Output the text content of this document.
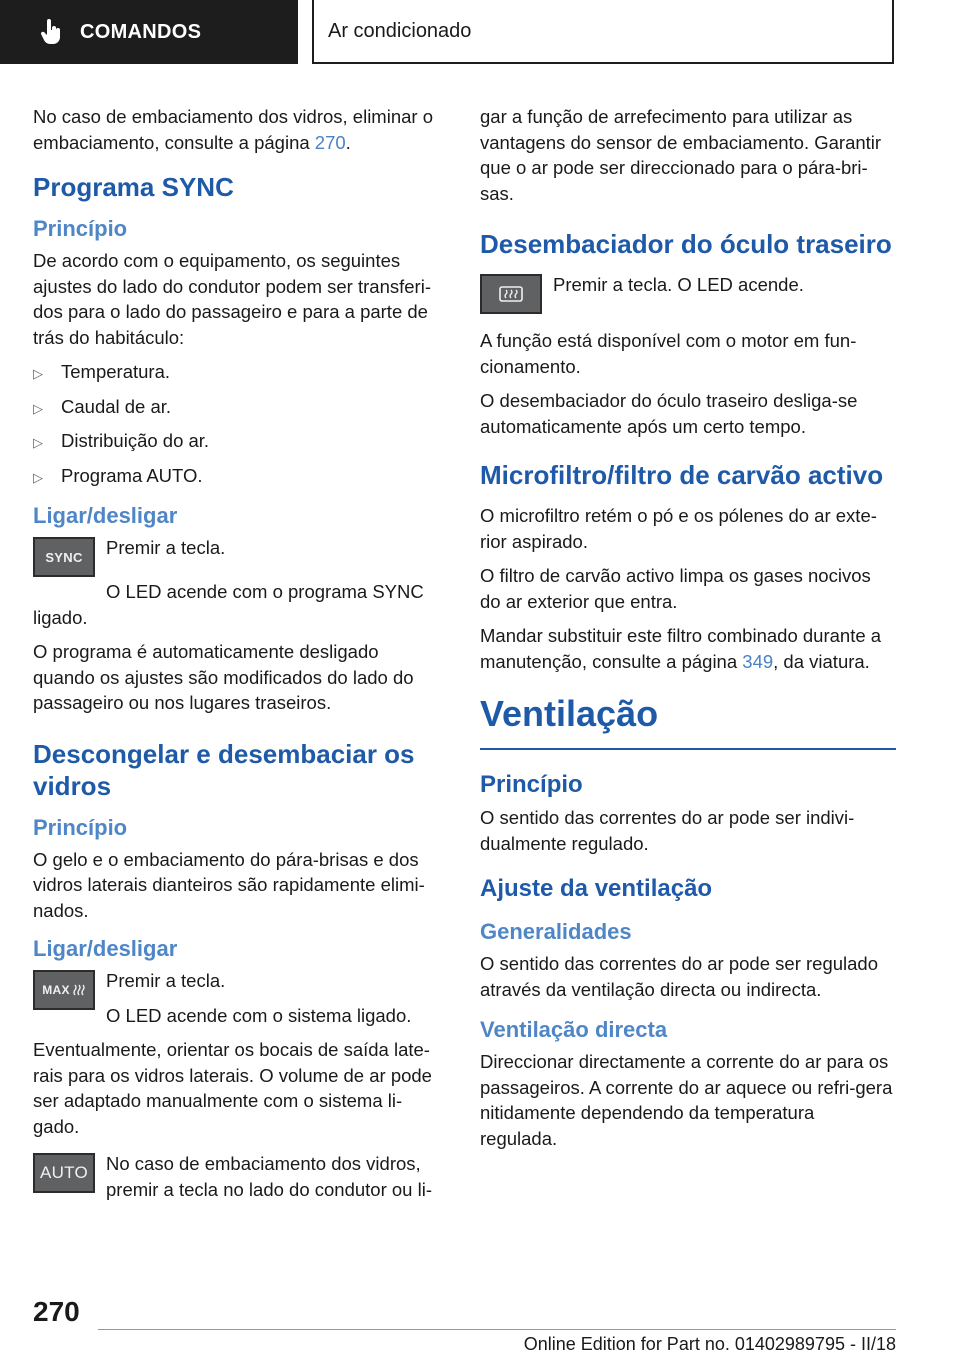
COMANDOS	Ar condicionado

No caso de embaciamento dos vidros, eliminar o embaciamento, consulte a página 270.

Programa SYNC
Princípio

De acordo com o equipamento, os seguintes ajustes do lado do condutor podem ser transferi-dos para o lado do passageiro e para a parte de trás do habitáculo:

▷ Temperatura.
▷ Caudal de ar.
▷ Distribuição do ar.
▷ Programa AUTO.
Ligar/desligar
SYNC	Premir a tecla.

O LED acende com o programa SYNC ligado.

O programa é automaticamente desligado quando os ajustes são modificados do lado do passageiro ou nos lugares traseiros.

Descongelar e desembaciar os vidros
Princípio

O gelo e o embaciamento do pára-brisas e dos vidros laterais dianteiros são rapidamente elimi-nados.

Ligar/desligar
MAX Premir a tecla.

O LED acende com o sistema ligado.

Eventualmente, orientar os bocais de saída late-rais para os vidros laterais. O volume de ar pode ser adaptado manualmente com o sistema li-gado.

AUTO No caso de embaciamento dos vidros, premir a tecla no lado do condutor ou li-

gar a função de arrefecimento para utilizar as vantagens do sensor de embaciamento. Garantir que o ar pode ser direccionado para o pára-bri-sas.

Desembaciador do óculo traseiro

Premir a tecla. O LED acende.

A função está disponível com o motor em fun-cionamento.

O desembaciador do óculo traseiro desliga-se automaticamente após um certo tempo.

Microfiltro/filtro de carvão activo

O microfiltro retém o pó e os pólenes do ar exte-rior aspirado.

O filtro de carvão activo limpa os gases nocivos do ar exterior que entra.

Mandar substituir este filtro combinado durante a manutenção, consulte a página 349, da viatura.

Ventilação
Princípio

O sentido das correntes do ar pode ser indivi-dualmente regulado.

Ajuste da ventilação
Generalidades

O sentido das correntes do ar pode ser regulado através da ventilação directa ou indirecta.

Ventilação directa

Direccionar directamente a corrente do ar para os passageiros. A corrente do ar aquece ou refri-gera nitidamente dependendo da temperatura regulada.

270
Online Edition for Part no. 01402989795 - II/18
